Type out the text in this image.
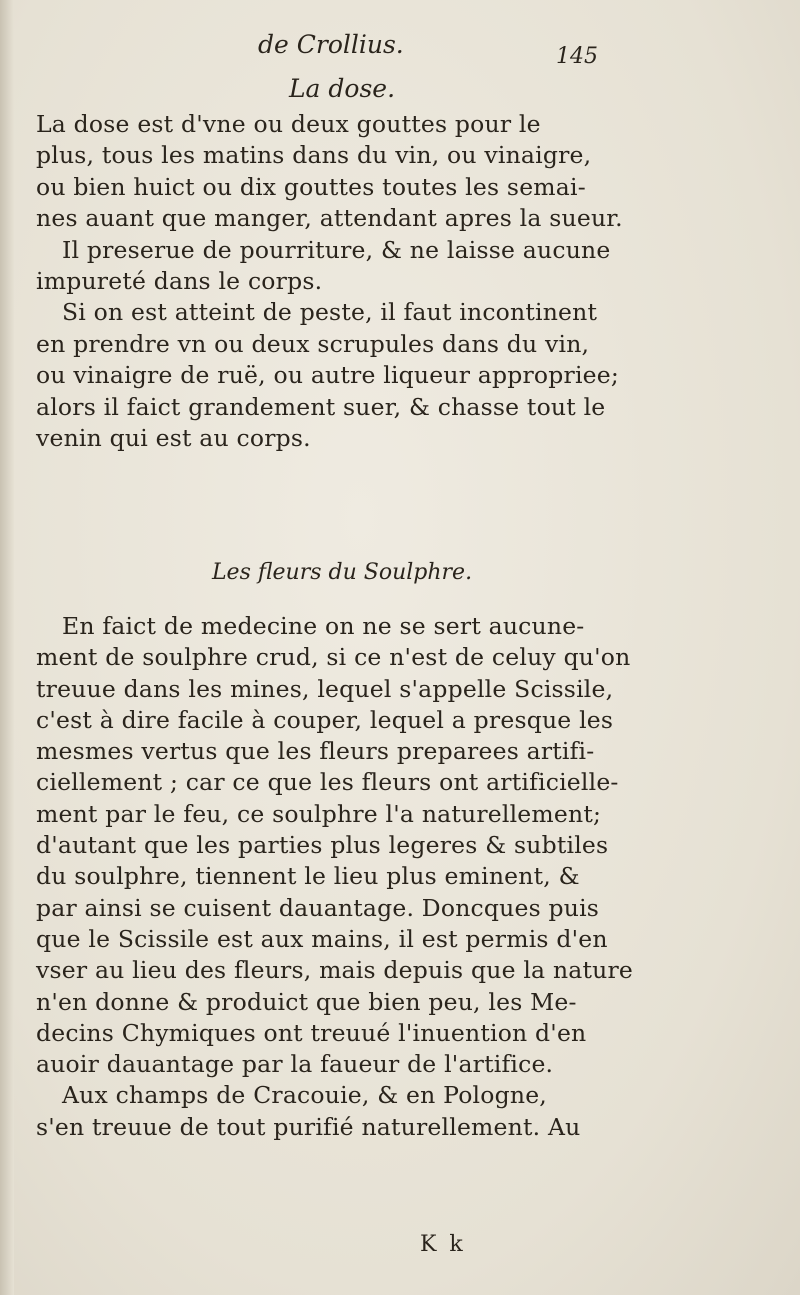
de Crollius.	145
La dose.
La dose est d'vne ou deux gouttes pour le
plus, tous les matins dans du vin, ou vinaigre,
ou bien huict ou dix gouttes toutes les semai-
nes auant que manger, attendant apres la sueur.
Il preserue de pourriture, & ne laisse aucune
impureté dans le corps.
Si on est atteint de peste, il faut incontinent
en prendre vn ou deux scrupules dans du vin,
ou vinaigre de ruë, ou autre liqueur appropriee;
alors il faict grandement suer, & chasse tout le
venin qui est au corps.
Les fleurs du Soulphre.
En faict de medecine on ne se sert aucune-
ment de soulphre crud, si ce n'est de celuy qu'on
treuue dans les mines, lequel s'appelle Scissile,
c'est à dire facile à couper, lequel a presque les
mesmes vertus que les fleurs preparees artifi-
ciellement ; car ce que les fleurs ont artificielle-
ment par le feu, ce soulphre l'a naturellement;
d'autant que les parties plus legeres & subtiles
du soulphre, tiennent le lieu plus eminent, &
par ainsi se cuisent dauantage. Doncques puis
que le Scissile est aux mains, il est permis d'en
vser au lieu des fleurs, mais depuis que la nature
n'en donne & produict que bien peu, les Me-
decins Chymiques ont treuué l'inuention d'en
auoir dauantage par la faueur de l'artifice.
Aux champs de Cracouie, & en Pologne,
s'en treuue de tout purifié naturellement. Au
K k
